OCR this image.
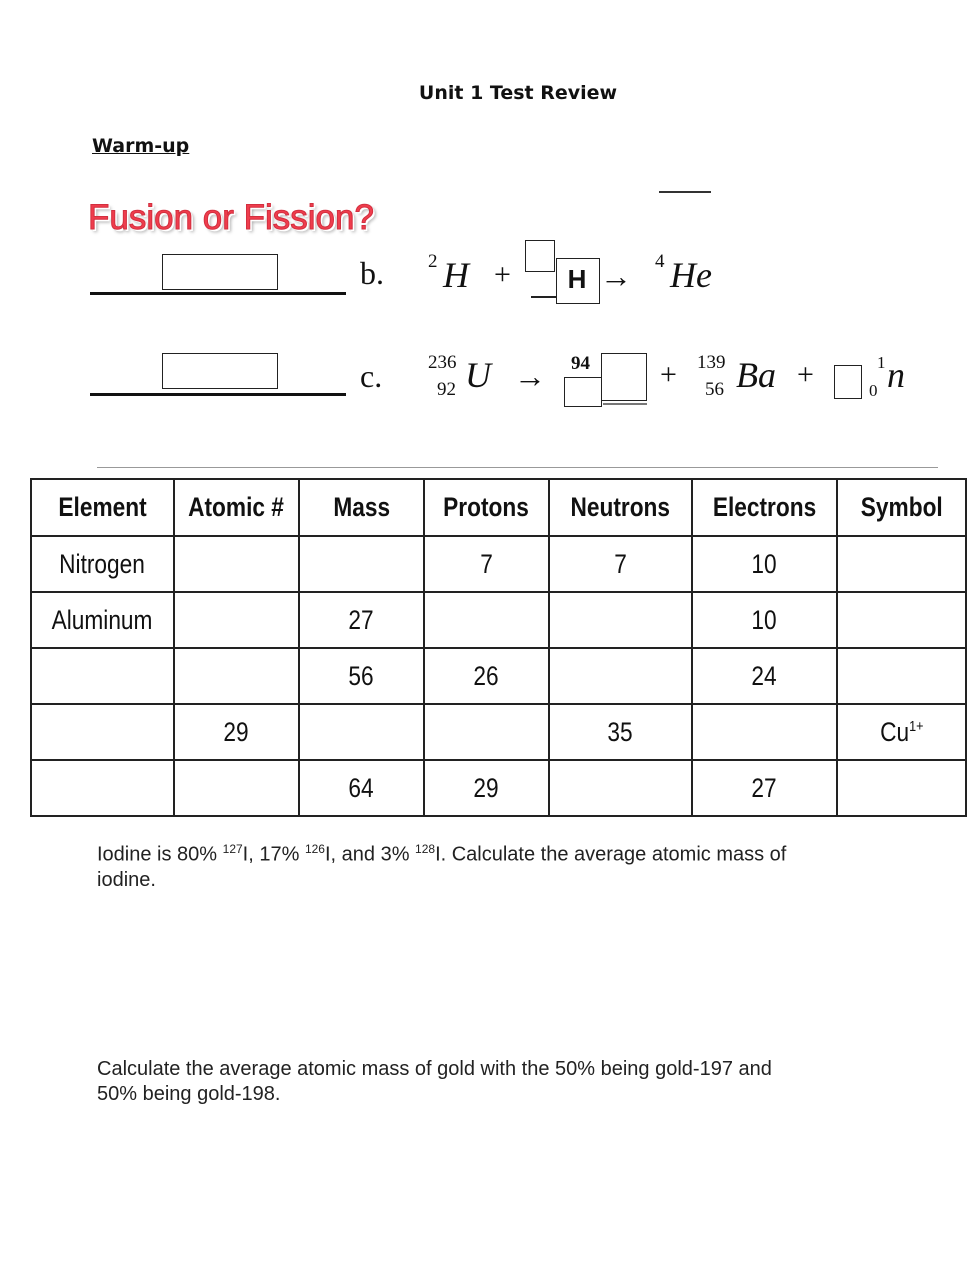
Unit 1 Test Review
Warm-up
Fusion or Fission?
b. 2 H +	H → 4 He
c. 236
92 U → 94 + 139
56 Ba +	1
0 n
Element	Atomic #	Mass	Protons	Neutrons	Electrons	Symbol
Nitrogen			7	7	10	
Aluminum		27			10	
		56	26		24	
	29			35		$Cu^{1+}$
		64	29		27	
Iodine is 80% $^{127}$I, 17% $^{126}$I, and 3% $^{128}$I. Calculate the average atomic mass of
iodine.
Calculate the average atomic mass of gold with the 50% being gold-197 and
50% being gold-198.
